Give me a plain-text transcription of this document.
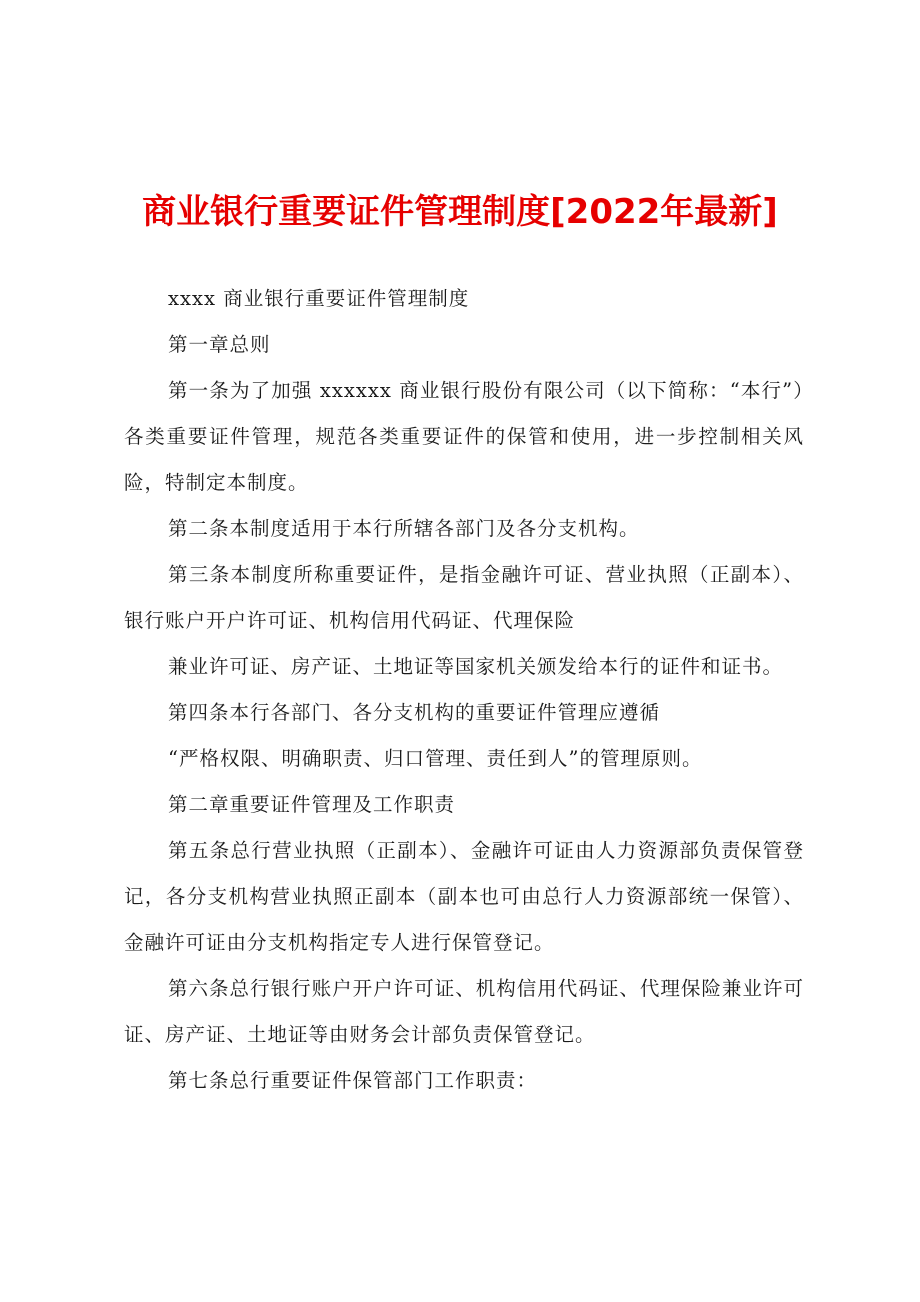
商业银行重要证件管理制度[2022年最新]

xxxx 商业银行重要证件管理制度

第一章总则

第一条为了加强 xxxxxx 商业银行股份有限公司（以下简称：“本行”）各类重要证件管理，规范各类重要证件的保管和使用，进一步控制相关风险，特制定本制度。

第二条本制度适用于本行所辖各部门及各分支机构。

第三条本制度所称重要证件，是指金融许可证、营业执照（正副本）、银行账户开户许可证、机构信用代码证、代理保险

兼业许可证、房产证、土地证等国家机关颁发给本行的证件和证书。

第四条本行各部门、各分支机构的重要证件管理应遵循

“严格权限、明确职责、归口管理、责任到人”的管理原则。

第二章重要证件管理及工作职责

第五条总行营业执照（正副本）、金融许可证由人力资源部负责保管登记，各分支机构营业执照正副本（副本也可由总行人力资源部统一保管）、金融许可证由分支机构指定专人进行保管登记。

第六条总行银行账户开户许可证、机构信用代码证、代理保险兼业许可证、房产证、土地证等由财务会计部负责保管登记。

第七条总行重要证件保管部门工作职责：
